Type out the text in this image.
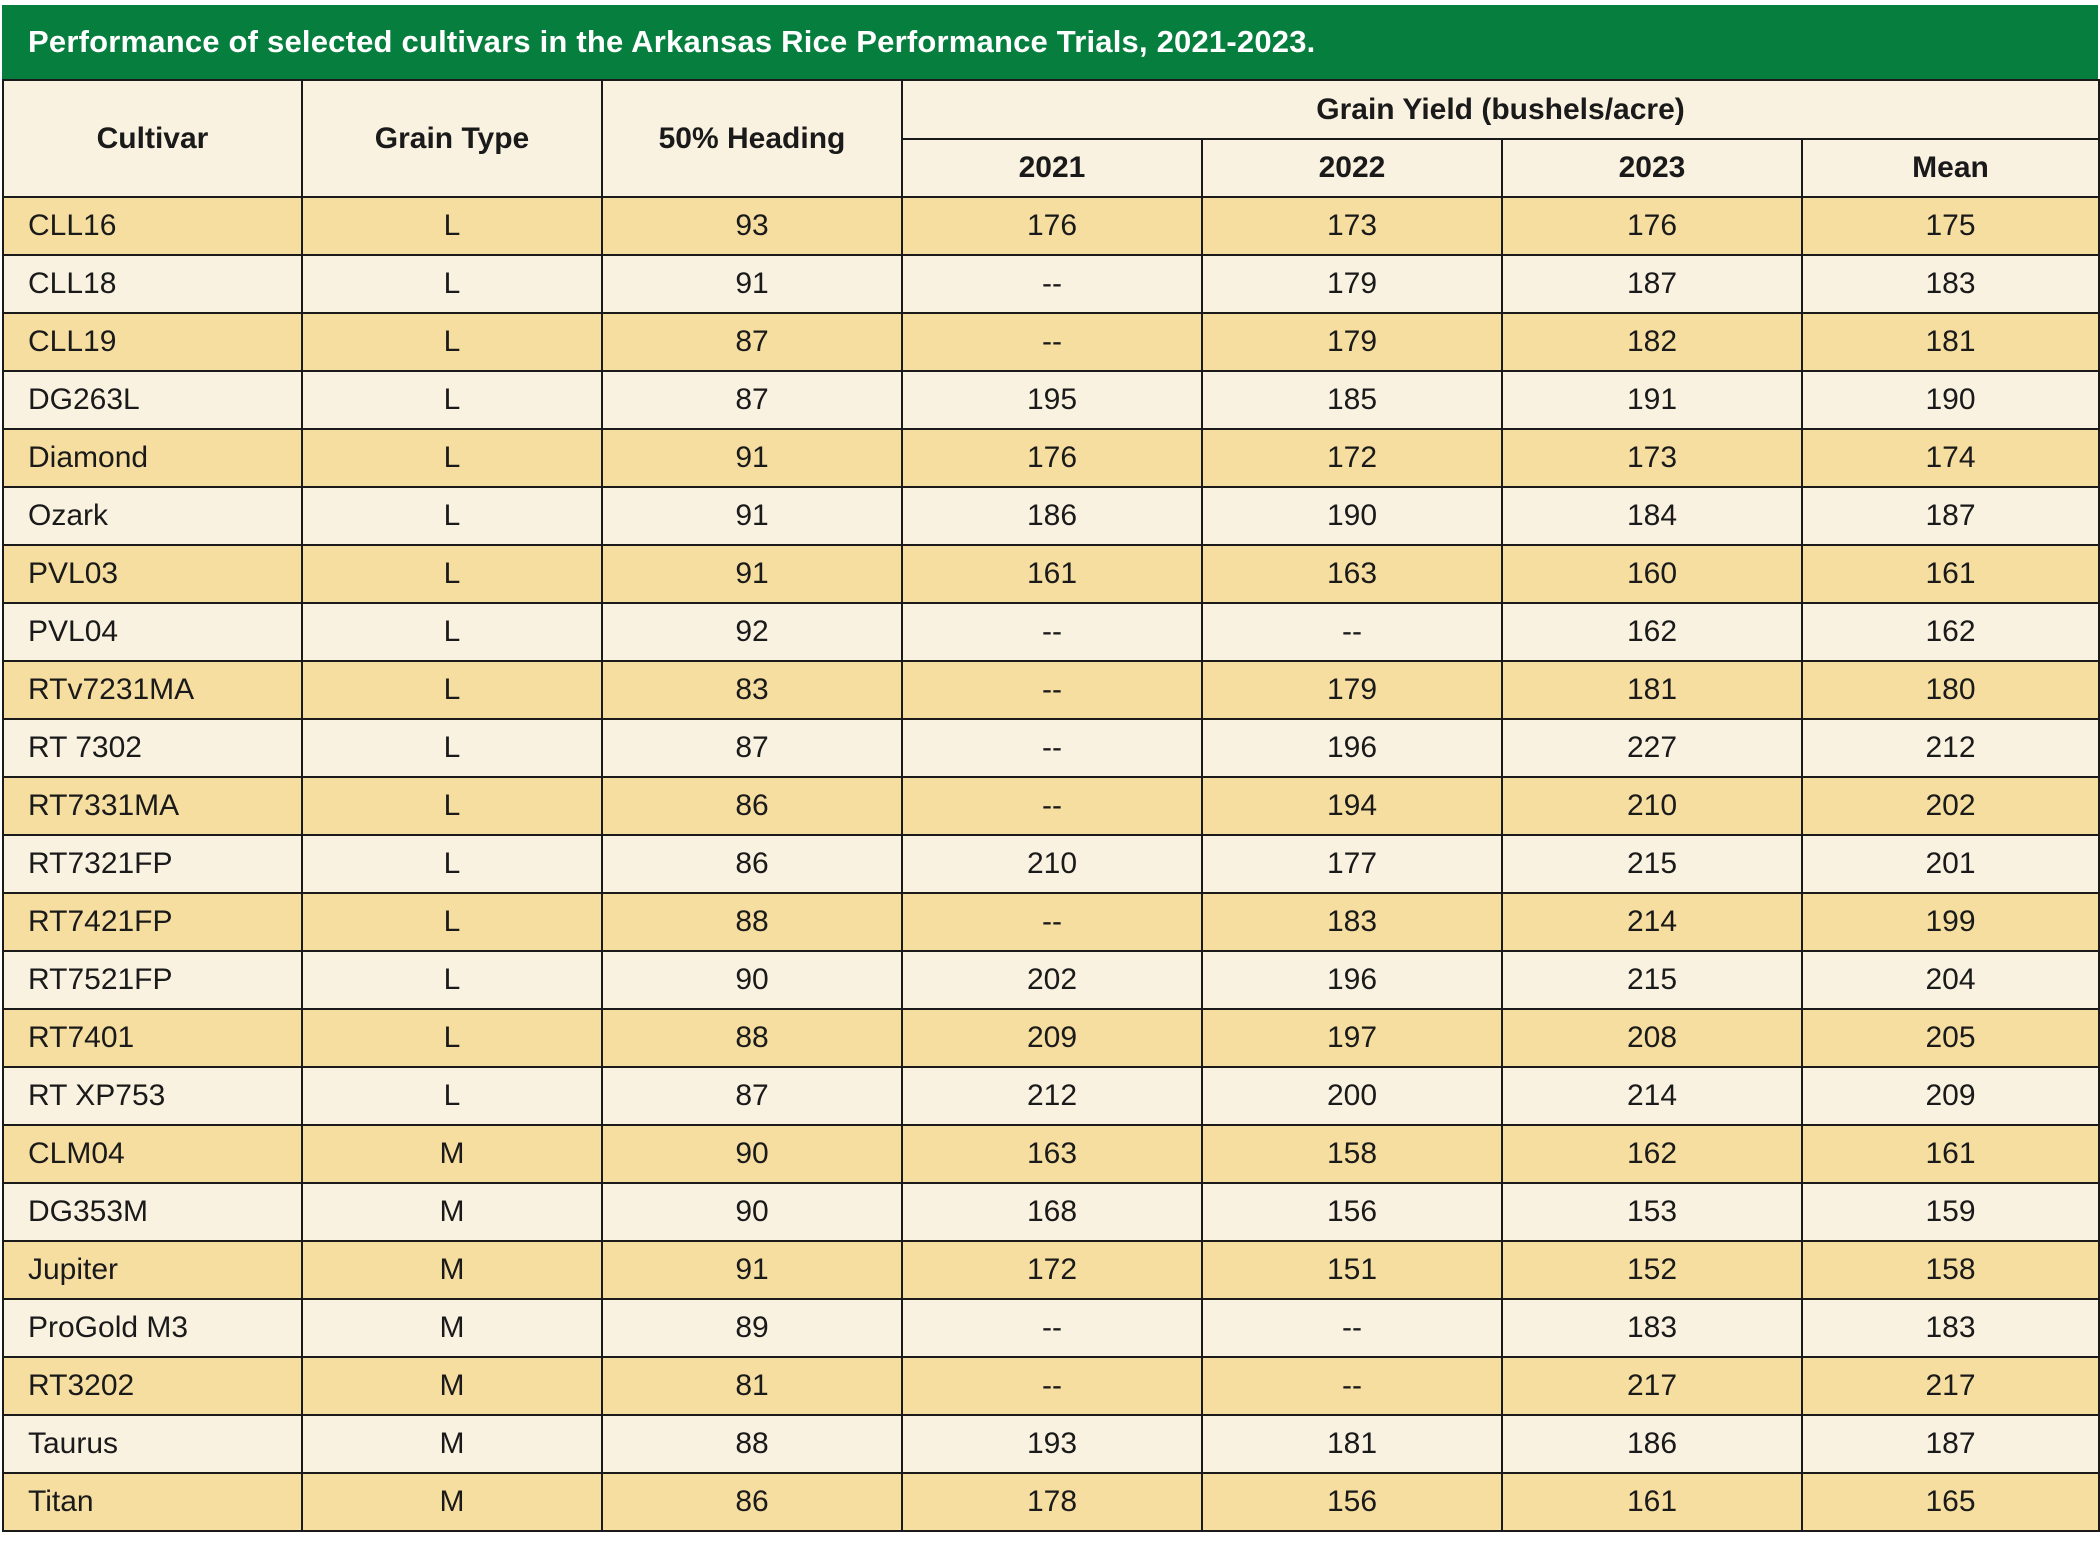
Performance of selected cultivars in the Arkansas Rice Performance Trials, 2021-2023.
Cultivar	Grain Type	50% Heading	Grain Yield (bushels/acre)			
			2021	2022	2023	Mean
CLL16	L	93	176	173	176	175
CLL18	L	91	--	179	187	183
CLL19	L	87	--	179	182	181
DG263L	L	87	195	185	191	190
Diamond	L	91	176	172	173	174
Ozark	L	91	186	190	184	187
PVL03	L	91	161	163	160	161
PVL04	L	92	--	--	162	162
RTv7231MA	L	83	--	179	181	180
RT 7302	L	87	--	196	227	212
RT7331MA	L	86	--	194	210	202
RT7321FP	L	86	210	177	215	201
RT7421FP	L	88	--	183	214	199
RT7521FP	L	90	202	196	215	204
RT7401	L	88	209	197	208	205
RT XP753	L	87	212	200	214	209
CLM04	M	90	163	158	162	161
DG353M	M	90	168	156	153	159
Jupiter	M	91	172	151	152	158
ProGold M3	M	89	--	--	183	183
RT3202	M	81	--	--	217	217
Taurus	M	88	193	181	186	187
Titan	M	86	178	156	161	165
